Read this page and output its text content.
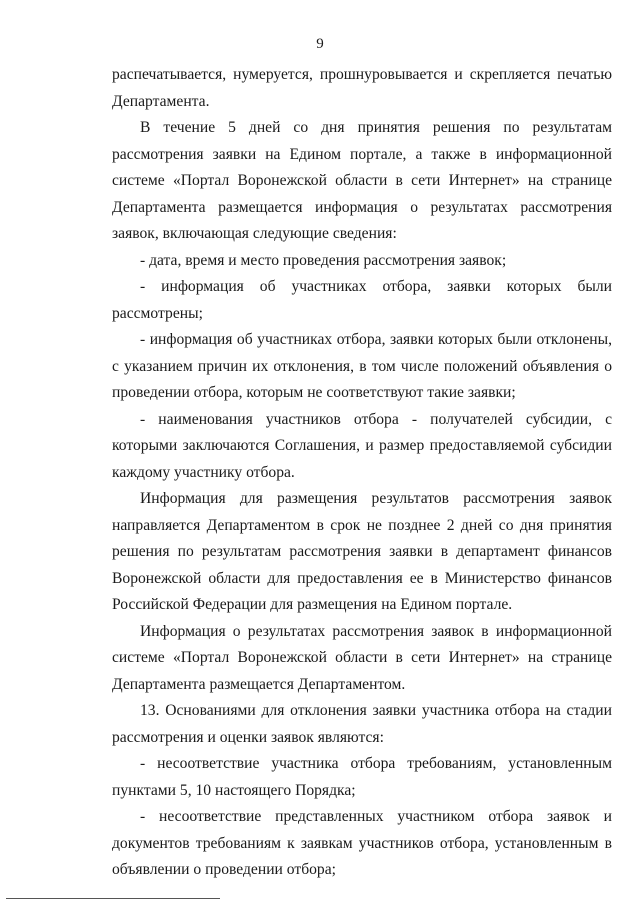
9

распечатывается, нумеруется, прошнуровывается и скрепляется печатью Департамента.

В течение 5 дней со дня принятия решения по результатам рассмотрения заявки на Едином портале, а также в информационной системе «Портал Воронежской области в сети Интернет» на странице Департамента размещается информация о результатах рассмотрения заявок, включающая следующие сведения:

- дата, время и место проведения рассмотрения заявок;

- информация об участниках отбора, заявки которых были рассмотрены;

- информация об участниках отбора, заявки которых были отклонены, с указанием причин их отклонения, в том числе положений объявления о проведении отбора, которым не соответствуют такие заявки;

- наименования участников отбора - получателей субсидии, с которыми заключаются Соглашения, и размер предоставляемой субсидии каждому участнику отбора.

Информация для размещения результатов рассмотрения заявок направляется Департаментом в срок не позднее 2 дней со дня принятия решения по результатам рассмотрения заявки в департамент финансов Воронежской области для предоставления ее в Министерство финансов Российской Федерации для размещения на Едином портале.

Информация о результатах рассмотрения заявок в информационной системе «Портал Воронежской области в сети Интернет» на странице Департамента размещается Департаментом.

13. Основаниями для отклонения заявки участника отбора на стадии рассмотрения и оценки заявок являются:

- несоответствие участника отбора требованиям, установленным пунктами 5, 10 настоящего Порядка;

- несоответствие представленных участником отбора заявок и документов требованиям к заявкам участников отбора, установленным в объявлении о проведении отбора;
